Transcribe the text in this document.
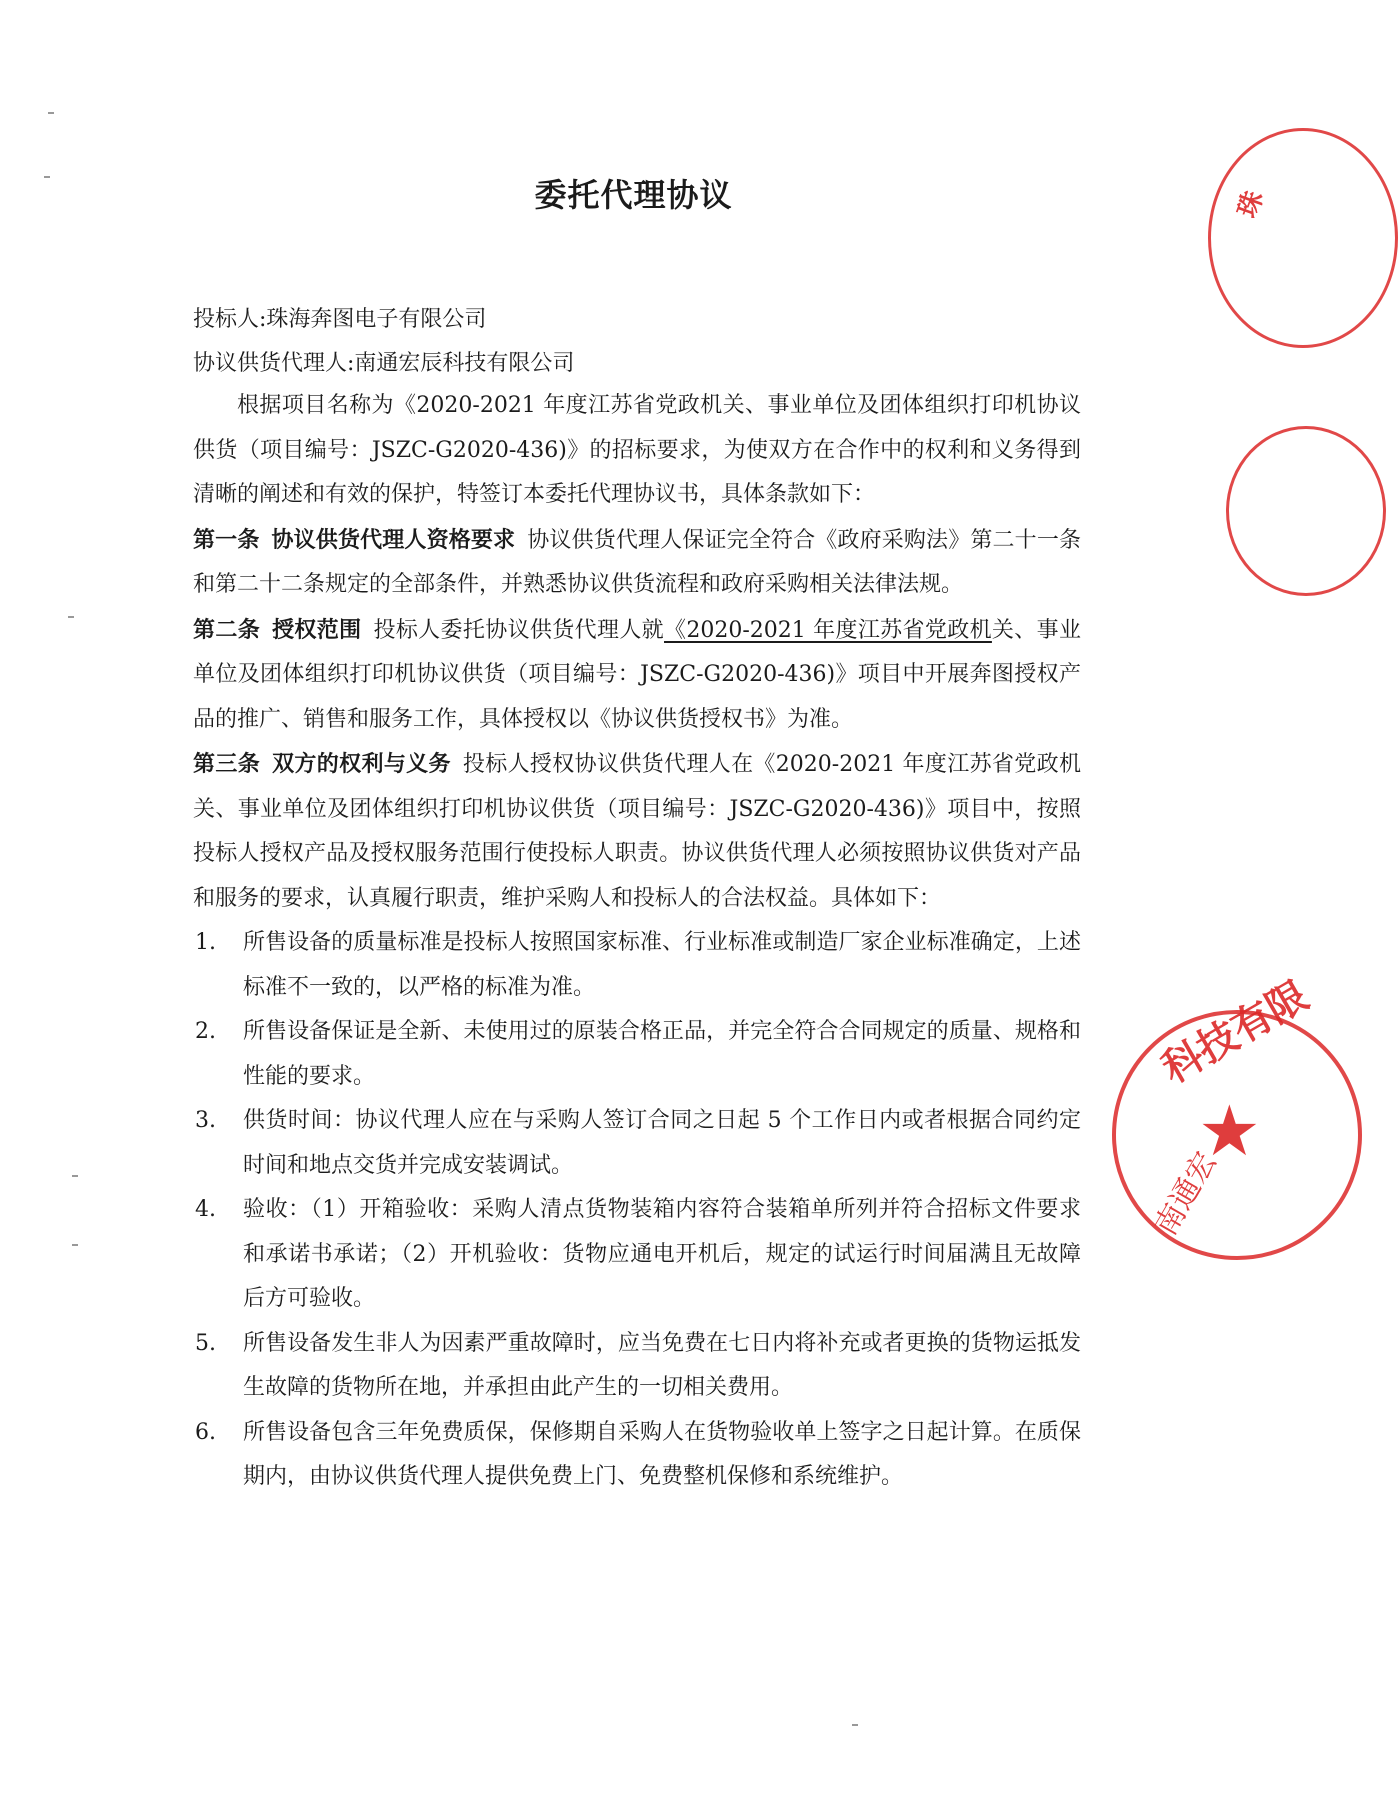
委托代理协议
投标人:珠海奔图电子有限公司
协议供货代理人:南通宏辰科技有限公司

根据项目名称为《2020-2021 年度江苏省党政机关、事业单位及团体组织打印机协议供货（项目编号：JSZC-G2020-436)》的招标要求，为使双方在合作中的权利和义务得到清晰的阐述和有效的保护，特签订本委托代理协议书，具体条款如下：

第一条 协议供货代理人资格要求 协议供货代理人保证完全符合《政府采购法》第二十一条和第二十二条规定的全部条件，并熟悉协议供货流程和政府采购相关法律法规。

第二条 授权范围 投标人委托协议供货代理人就《2020-2021 年度江苏省党政机关、事业单位及团体组织打印机协议供货（项目编号：JSZC-G2020-436)》项目中开展奔图授权产品的推广、销售和服务工作，具体授权以《协议供货授权书》为准。

第三条 双方的权利与义务 投标人授权协议供货代理人在《2020-2021 年度江苏省党政机关、事业单位及团体组织打印机协议供货（项目编号：JSZC-G2020-436)》项目中，按照投标人授权产品及授权服务范围行使投标人职责。协议供货代理人必须按照协议供货对产品和服务的要求，认真履行职责，维护采购人和投标人的合法权益。具体如下：

1. 所售设备的质量标准是投标人按照国家标准、行业标准或制造厂家企业标准确定，上述标准不一致的，以严格的标准为准。
2. 所售设备保证是全新、未使用过的原装合格正品，并完全符合合同规定的质量、规格和性能的要求。
3. 供货时间：协议代理人应在与采购人签订合同之日起 5 个工作日内或者根据合同约定时间和地点交货并完成安装调试。
4. 验收：（1）开箱验收：采购人清点货物装箱内容符合装箱单所列并符合招标文件要求和承诺书承诺；（2）开机验收：货物应通电开机后，规定的试运行时间届满且无故障后方可验收。
5. 所售设备发生非人为因素严重故障时，应当免费在七日内将补充或者更换的货物运抵发生故障的货物所在地，并承担由此产生的一切相关费用。
6. 所售设备包含三年免费质保，保修期自采购人在货物验收单上签字之日起计算。在质保期内，由协议供货代理人提供免费上门、免费整机保修和系统维护。
珠
科技有限
★
南通宏
